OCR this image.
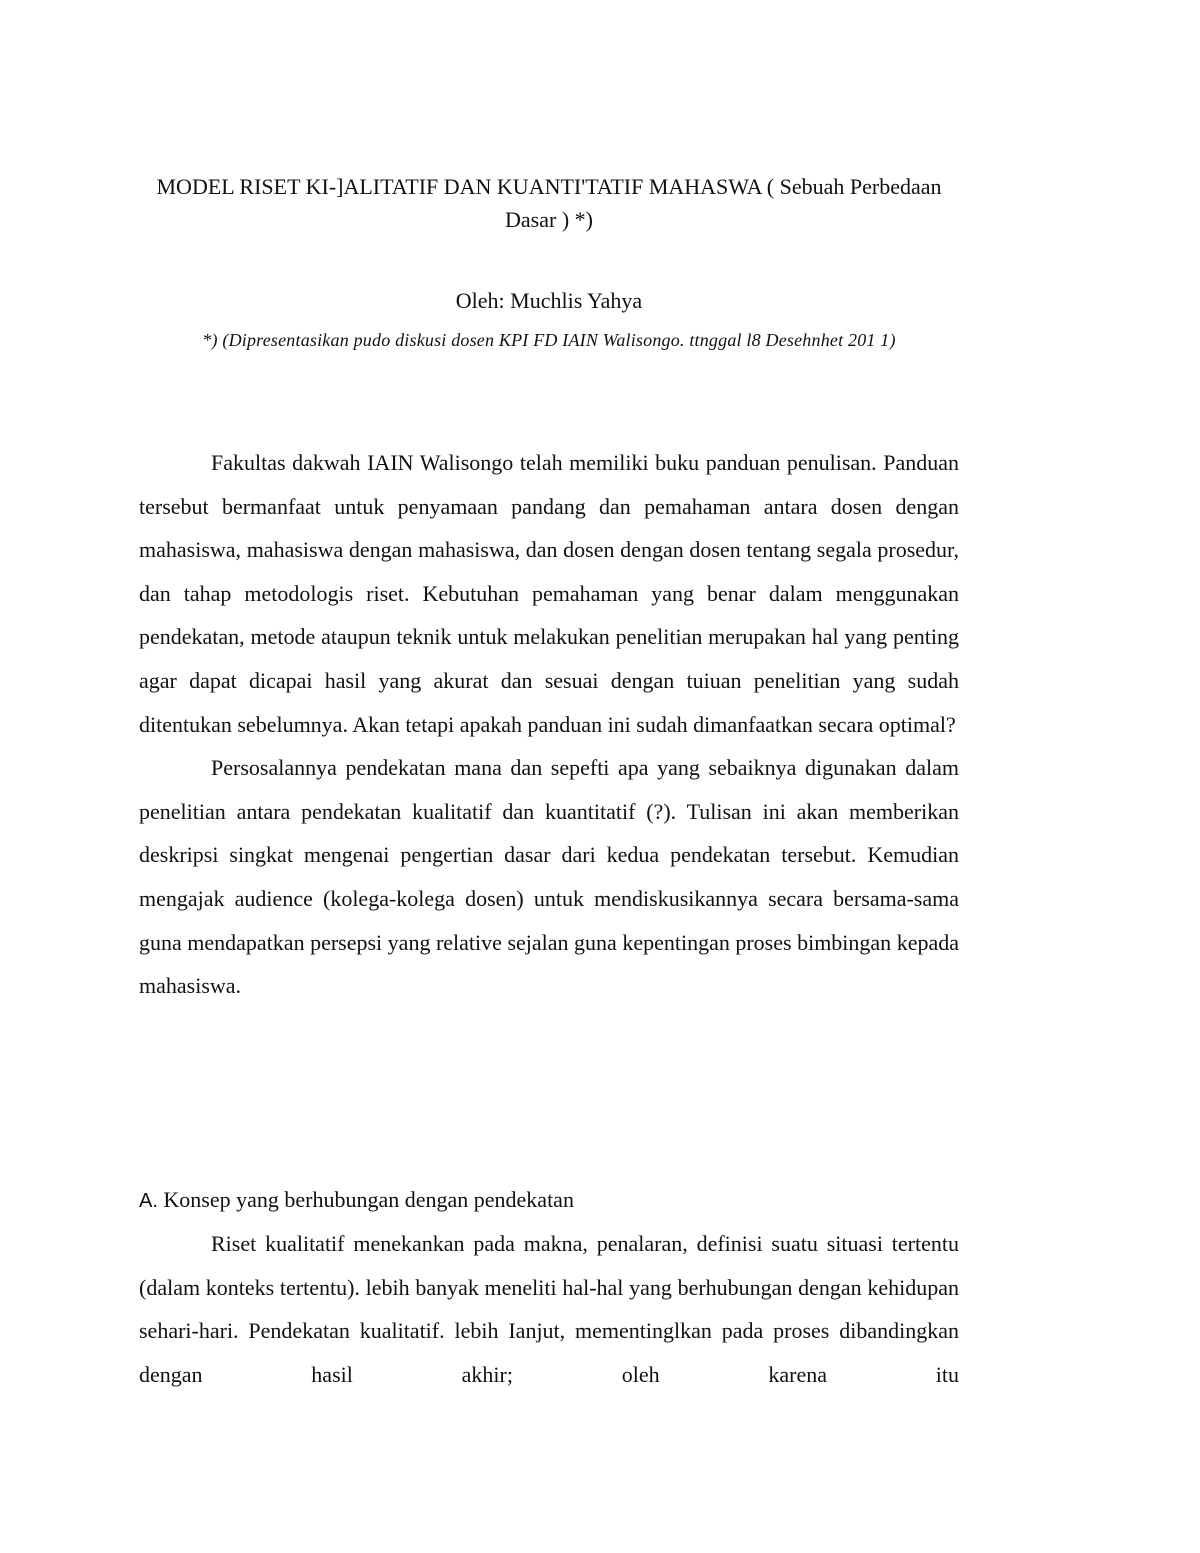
MODEL RISET KI-]ALITATIF DAN KUANTI'TATIF MAHASWA ( Sebuah Perbedaan Dasar ) *)
Oleh: Muchlis Yahya
*) (Dipresentasikan pudo diskusi dosen KPI FD IAIN Walisongo. ttnggal l8 Desehnhet 201 1)

Fakultas dakwah IAIN Walisongo telah memiliki buku panduan penulisan. Panduan tersebut bermanfaat untuk penyamaan pandang dan pemahaman antara dosen dengan mahasiswa, mahasiswa dengan mahasiswa, dan dosen dengan dosen tentang segala prosedur, dan tahap metodologis riset. Kebutuhan pemahaman yang benar dalam menggunakan pendekatan, metode ataupun teknik untuk melakukan penelitian merupakan hal yang penting agar dapat dicapai hasil yang akurat dan sesuai dengan tuiuan penelitian yang sudah ditentukan sebelumnya. Akan tetapi apakah panduan ini sudah dimanfaatkan secara optimal?

Persosalannya pendekatan mana dan sepefti apa yang sebaiknya digunakan dalam penelitian antara pendekatan kualitatif dan kuantitatif (?). Tulisan ini akan memberikan deskripsi singkat mengenai pengertian dasar dari kedua pendekatan tersebut. Kemudian mengajak audience (kolega-kolega dosen) untuk mendiskusikannya secara bersama-sama guna mendapatkan persepsi yang relative sejalan guna kepentingan proses bimbingan kepada mahasiswa.

A. Konsep yang berhubungan dengan pendekatan

Riset kualitatif menekankan pada makna, penalaran, definisi suatu situasi tertentu (dalam konteks tertentu). lebih banyak meneliti hal-hal yang berhubungan dengan kehidupan sehari-hari. Pendekatan kualitatif. lebih Ianjut, mementinglkan pada proses dibandingkan dengan hasil akhir; oleh karena itu
